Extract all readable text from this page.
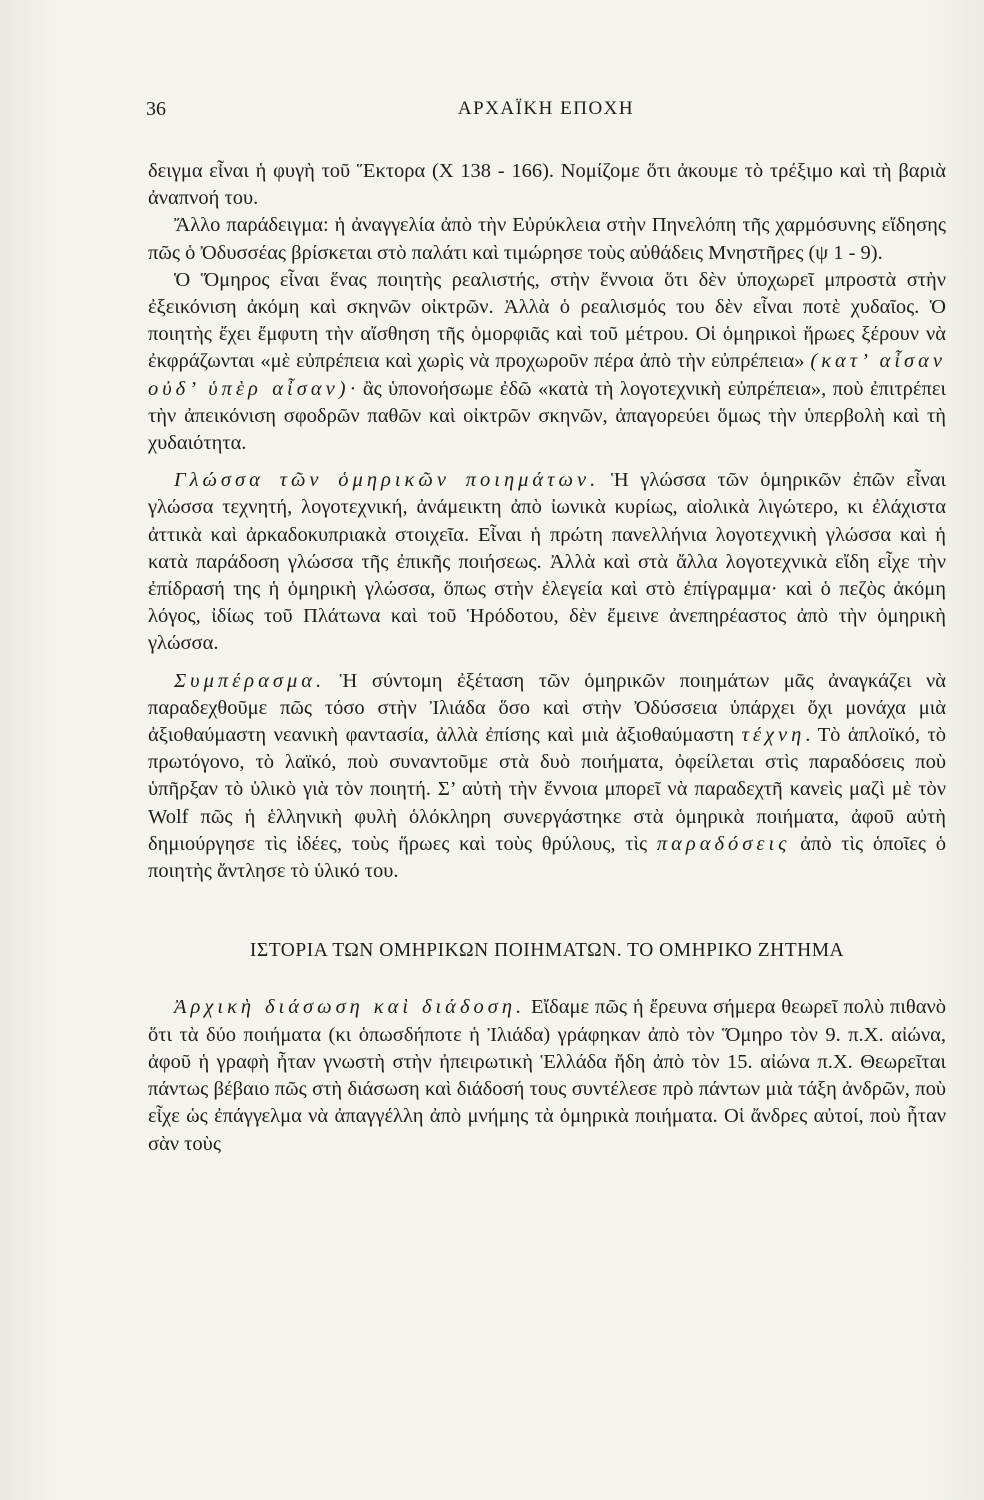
36	ΑΡΧΑΪΚΗ ΕΠΟΧΗ

δειγμα εἶναι ἡ φυγὴ τοῦ Ἕκτορα (Χ 138 - 166). Νομίζομε ὅτι ἀκουμε τὸ τρέξιμο καὶ τὴ βαριὰ ἀναπνοή του.

Ἄλλο παράδειγμα: ἡ ἀναγγελία ἀπὸ τὴν Εὐρύκλεια στὴν Πηνελόπη τῆς χαρμόσυνης εἴδησης πῶς ὁ Ὀδυσσέας βρίσκεται στὸ παλάτι καὶ τιμώρησε τοὺς αὐθάδεις Μνηστῆρες (ψ 1 - 9).

Ὁ Ὅμηρος εἶναι ἕνας ποιητὴς ρεαλιστής, στὴν ἔννοια ὅτι δὲν ὑποχωρεῖ μπροστὰ στὴν ἐξεικόνιση ἀκόμη καὶ σκηνῶν οἰκτρῶν. Ἀλλὰ ὁ ρεαλισμός του δὲν εἶναι ποτὲ χυδαῖος. Ὁ ποιητὴς ἔχει ἔμφυτη τὴν αἴσθηση τῆς ὁμορφιᾶς καὶ τοῦ μέτρου. Οἱ ὁμηρικοὶ ἥρωες ξέρουν νὰ ἐκφράζωνται «μὲ εὐπρέπεια καὶ χωρὶς νὰ προχωροῦν πέρα ἀπὸ τὴν εὐπρέπεια» (κατ’ αἶσαν οὐδ’ ὑπὲρ αἶσαν)· ἂς ὑπονοήσωμε ἐδῶ «κατὰ τὴ λογοτεχνικὴ εὐπρέπεια», ποὺ ἐπιτρέπει τὴν ἀπεικόνιση σφοδρῶν παθῶν καὶ οἰκτρῶν σκηνῶν, ἀπαγορεύει ὅμως τὴν ὑπερβολὴ καὶ τὴ χυδαιότητα.

Γλώσσα τῶν ὁμηρικῶν ποιημάτων. Ἡ γλώσσα τῶν ὁμηρικῶν ἐπῶν εἶναι γλώσσα τεχνητή, λογοτεχνική, ἀνάμεικτη ἀπὸ ἰωνικὰ κυρίως, αἰολικὰ λιγώτερο, κι ἐλάχιστα ἀττικὰ καὶ ἀρκαδοκυπριακὰ στοιχεῖα. Εἶναι ἡ πρώτη πανελλήνια λογοτεχνικὴ γλώσσα καὶ ἡ κατὰ παράδοση γλώσσα τῆς ἐπικῆς ποιήσεως. Ἀλλὰ καὶ στὰ ἄλλα λογοτεχνικὰ εἴδη εἶχε τὴν ἐπίδρασή της ἡ ὁμηρικὴ γλώσσα, ὅπως στὴν ἐλεγεία καὶ στὸ ἐπίγραμμα· καὶ ὁ πεζὸς ἀκόμη λόγος, ἰδίως τοῦ Πλάτωνα καὶ τοῦ Ἡρόδοτου, δὲν ἔμεινε ἀνεπηρέαστος ἀπὸ τὴν ὁμηρικὴ γλώσσα.

Συμπέρασμα. Ἡ σύντομη ἐξέταση τῶν ὁμηρικῶν ποιημάτων μᾶς ἀναγκάζει νὰ παραδεχθοῦμε πῶς τόσο στὴν Ἰλιάδα ὅσο καὶ στὴν Ὀδύσσεια ὑπάρχει ὄχι μονάχα μιὰ ἀξιοθαύμαστη νεανικὴ φαντασία, ἀλλὰ ἐπίσης καὶ μιὰ ἀξιοθαύμαστη τέχνη. Τὸ ἁπλοϊκό, τὸ πρωτόγονο, τὸ λαϊκό, ποὺ συναντοῦμε στὰ δυὸ ποιήματα, ὀφείλεται στὶς παραδόσεις ποὺ ὑπῆρξαν τὸ ὑλικὸ γιὰ τὸν ποιητή. Σ’ αὐτὴ τὴν ἔννοια μπορεῖ νὰ παραδεχτῆ κανεὶς μαζὶ μὲ τὸν Wolf πῶς ἡ ἑλληνικὴ φυλὴ ὁλόκληρη συνεργάστηκε στὰ ὁμηρικὰ ποιήματα, ἀφοῦ αὐτὴ δημιούργησε τὶς ἰδέες, τοὺς ἥρωες καὶ τοὺς θρύλους, τὶς παραδόσεις ἀπὸ τὶς ὁποῖες ὁ ποιητὴς ἄντλησε τὸ ὑλικό του.

ΙΣΤΟΡΙΑ ΤΩΝ ΟΜΗΡΙΚΩΝ ΠΟΙΗΜΑΤΩΝ. ΤΟ ΟΜΗΡΙΚΟ ΖΗΤΗΜΑ

Ἀρχικὴ διάσωση καὶ διάδοση. Εἴδαμε πῶς ἡ ἔρευνα σήμερα θεωρεῖ πολὺ πιθανὸ ὅτι τὰ δύο ποιήματα (κι ὁπωσδήποτε ἡ Ἰλιάδα) γράφηκαν ἀπὸ τὸν Ὅμηρο τὸν 9. π.Χ. αἰώνα, ἀφοῦ ἡ γραφὴ ἦταν γνωστὴ στὴν ἠπειρωτικὴ Ἑλλάδα ἤδη ἀπὸ τὸν 15. αἰώνα π.Χ. Θεωρεῖται πάντως βέβαιο πῶς στὴ διάσωση καὶ διάδοσή τους συντέλεσε πρὸ πάντων μιὰ τάξη ἀνδρῶν, ποὺ εἶχε ὡς ἐπάγγελμα νὰ ἀπαγγέλλη ἀπὸ μνήμης τὰ ὁμηρικὰ ποιήματα. Οἱ ἄνδρες αὐτοί, ποὺ ἦταν σὰν τοὺς
